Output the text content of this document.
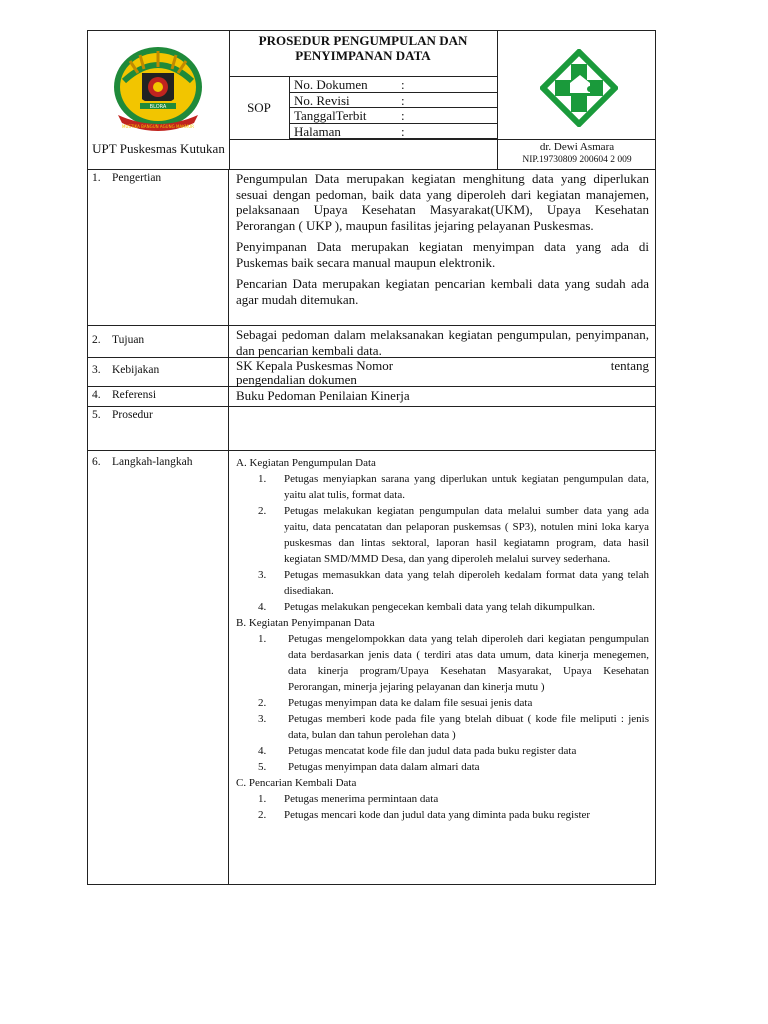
BLORA
MUSTIKA BANGUN AGUNG MAKMUR
UPT Puskesmas Kutukan
PROSEDUR PENGUMPULAN DAN PENYIMPANAN DATA
SOP
No. Dokumen	:
No. Revisi	:
TanggalTerbit	:
Halaman	:
dr. Dewi Asmara
NIP.19730809 200604 2 009
1. Pengertian	Pengumpulan Data merupakan kegiatan menghitung data yang diperlukan sesuai dengan pedoman, baik data yang diperoleh dari kegiatan manajemen, pelaksanaan Upaya Kesehatan Masyarakat(UKM), Upaya Kesehatan Perorangan ( UKP ), maupun fasilitas jejaring pelayanan Puskesmas.

Penyimpanan Data merupakan kegiatan menyimpan data yang ada di Puskemas baik secara manual maupun elektronik.

Pencarian Data merupakan kegiatan pencarian kembali data yang sudah ada agar mudah ditemukan.

2. Tujuan	Sebagai pedoman dalam melaksanakan kegiatan pengumpulan, penyimpanan, dan pencarian kembali data.
3. Kebijakan	SK Kepala Puskesmas Nomor	tentang
pengendalian dokumen
4. Referensi	Buku Pedoman Penilaian Kinerja
5. Prosedur
6. Langkah-langkah	A. Kegiatan Pengumpulan Data
1. Petugas menyiapkan sarana yang diperlukan untuk kegiatan pengumpulan data, yaitu alat tulis, format data.
2. Petugas melakukan kegiatan pengumpulan data melalui sumber data yang ada yaitu, data pencatatan dan pelaporan puskemsas ( SP3), notulen mini loka karya puskesmas dan lintas sektoral, laporan hasil kegiatamn program, data hasil kegiatan SMD/MMD Desa, dan yang diperoleh melalui survey sederhana.
3. Petugas memasukkan data yang telah diperoleh kedalam format data yang telah disediakan.
4. Petugas melakukan pengecekan kembali data yang telah dikumpulkan.
B. Kegiatan Penyimpanan Data
1. Petugas mengelompokkan data yang telah diperoleh dari kegiatan pengumpulan data berdasarkan jenis data ( terdiri atas data umum, data kinerja menegemen, data kinerja program/Upaya Kesehatan Masyarakat, Upaya Kesehatan Perorangan, minerja jejaring pelayanan dan kinerja mutu )
2. Petugas menyimpan data ke dalam file sesuai jenis data
3. Petugas memberi kode pada file yang btelah dibuat ( kode file meliputi : jenis data, bulan dan tahun perolehan data )
4. Petugas mencatat kode file dan judul data pada buku register data
5. Petugas menyimpan data dalam almari data
C. Pencarian Kembali Data
1. Petugas menerima permintaan data
2. Petugas mencari kode dan judul data yang diminta pada buku register
